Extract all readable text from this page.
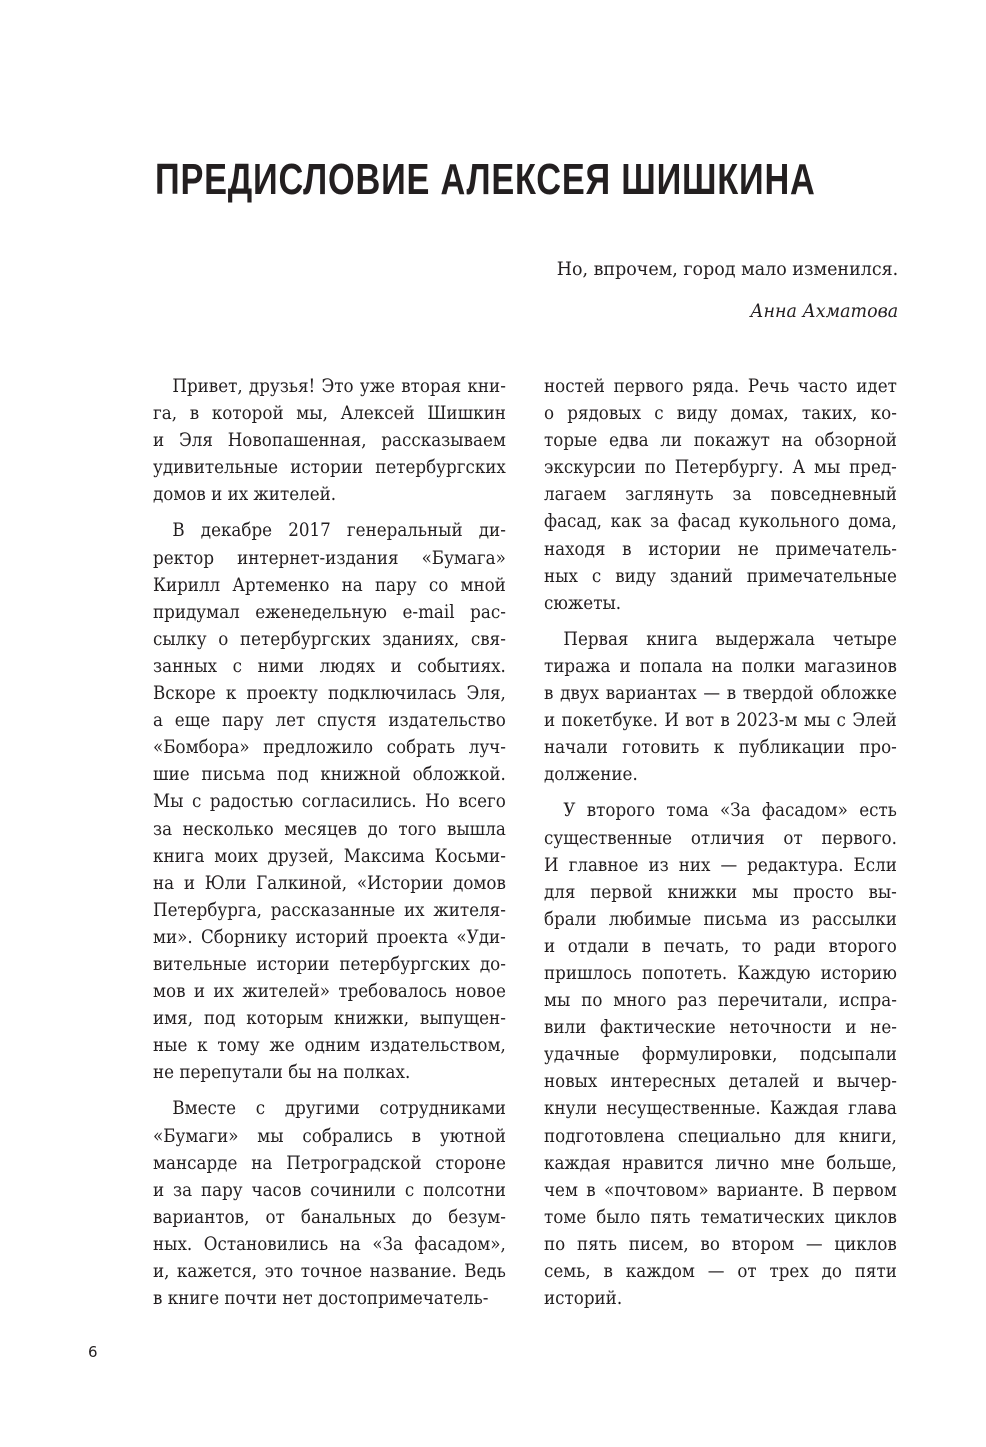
ПРЕДИСЛОВИЕ АЛЕКСЕЯ ШИШКИНА
Но, впрочем, город мало изменился.
Анна Ахматова
Привет, друзья! Это уже вторая кни-
га, в которой мы, Алексей Шишкин
и Эля Новопашенная, рассказываем
удивительные истории петербургских
домов и их жителей.
В декабре 2017 генеральный ди-
ректор интернет-издания «Бумага»
Кирилл Артеменко на пару со мной
придумал еженедельную e-mail рас-
сылку о петербургских зданиях, свя-
занных с ними людях и событиях.
Вскоре к проекту подключилась Эля,
а еще пару лет спустя издательство
«Бомбора» предложило собрать луч-
шие письма под книжной обложкой.
Мы с радостью согласились. Но всего
за несколько месяцев до того вышла
книга моих друзей, Максима Косьми-
на и Юли Галкиной, «Истории домов
Петербурга, рассказанные их жителя-
ми». Сборнику историй проекта «Уди-
вительные истории петербургских до-
мов и их жителей» требовалось новое
имя, под которым книжки, выпущен-
ные к тому же одним издательством,
не перепутали бы на полках.
Вместе с другими сотрудниками
«Бумаги» мы собрались в уютной
мансарде на Петроградской стороне
и за пару часов сочинили с полсотни
вариантов, от банальных до безум-
ных. Остановились на «За фасадом»,
и, кажется, это точное название. Ведь
в книге почти нет достопримечатель-
ностей первого ряда. Речь часто идет
о рядовых с виду домах, таких, ко-
торые едва ли покажут на обзорной
экскурсии по Петербургу. А мы пред-
лагаем заглянуть за повседневный
фасад, как за фасад кукольного дома,
находя в истории не примечатель-
ных с виду зданий примечательные
сюжеты.
Первая книга выдержала четыре
тиража и попала на полки магазинов
в двух вариантах — в твердой обложке
и покетбуке. И вот в 2023-м мы с Элей
начали готовить к публикации про-
должение.
У второго тома «За фасадом» есть
существенные отличия от первого.
И главное из них — редактура. Если
для первой книжки мы просто вы-
брали любимые письма из рассылки
и отдали в печать, то ради второго
пришлось попотеть. Каждую историю
мы по много раз перечитали, испра-
вили фактические неточности и не-
удачные формулировки, подсыпали
новых интересных деталей и вычер-
кнули несущественные. Каждая глава
подготовлена специально для книги,
каждая нравится лично мне больше,
чем в «почтовом» варианте. В первом
томе было пять тематических циклов
по пять писем, во втором — циклов
семь, в каждом — от трех до пяти
историй.
6
